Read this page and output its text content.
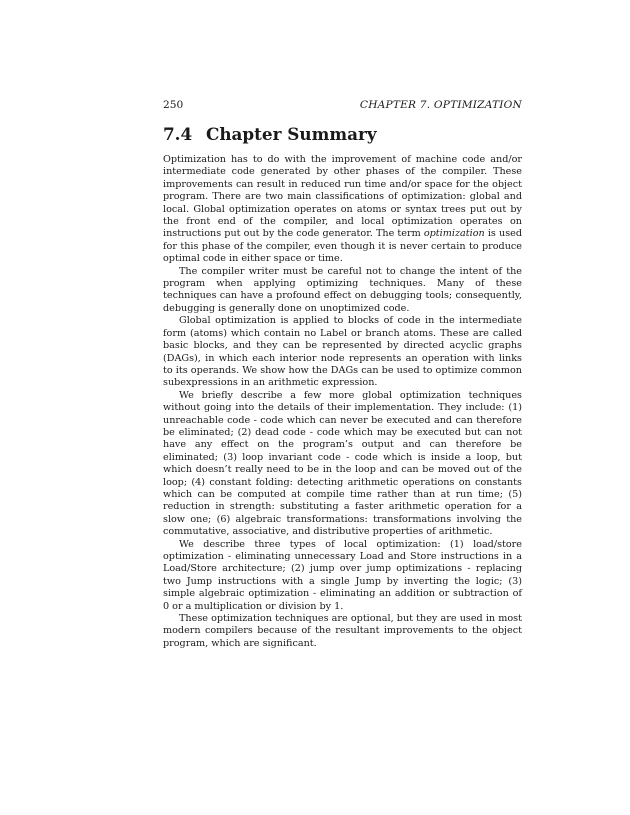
250	CHAPTER 7. OPTIMIZATION
7.4 Chapter Summary

Optimization has to do with the improvement of machine code and/or intermediate code generated by other phases of the compiler. These improvements can result in reduced run time and/or space for the object program. There are two main classifications of optimization: global and local. Global optimization operates on atoms or syntax trees put out by the front end of the compiler, and local optimization operates on instructions put out by the code generator. The term optimization is used for this phase of the compiler, even though it is never certain to produce optimal code in either space or time.

The compiler writer must be careful not to change the intent of the program when applying optimizing techniques. Many of these techniques can have a profound effect on debugging tools; consequently, debugging is generally done on unoptimized code.

Global optimization is applied to blocks of code in the intermediate form (atoms) which contain no Label or branch atoms. These are called basic blocks, and they can be represented by directed acyclic graphs (DAGs), in which each interior node represents an operation with links to its operands. We show how the DAGs can be used to optimize common subexpressions in an arithmetic expression.

We briefly describe a few more global optimization techniques without going into the details of their implementation. They include: (1) unreachable code - code which can never be executed and can therefore be eliminated; (2) dead code - code which may be executed but can not have any effect on the program’s output and can therefore be eliminated; (3) loop invariant code - code which is inside a loop, but which doesn’t really need to be in the loop and can be moved out of the loop; (4) constant folding: detecting arithmetic operations on constants which can be computed at compile time rather than at run time; (5) reduction in strength: substituting a faster arithmetic operation for a slow one; (6) algebraic transformations: transformations involving the commutative, associative, and distributive properties of arithmetic.

We describe three types of local optimization: (1) load/store optimization - eliminating unnecessary Load and Store instructions in a Load/Store architecture; (2) jump over jump optimizations - replacing two Jump instructions with a single Jump by inverting the logic; (3) simple algebraic optimization - eliminating an addition or subtraction of 0 or a multiplication or division by 1.

These optimization techniques are optional, but they are used in most modern compilers because of the resultant improvements to the object program, which are significant.
